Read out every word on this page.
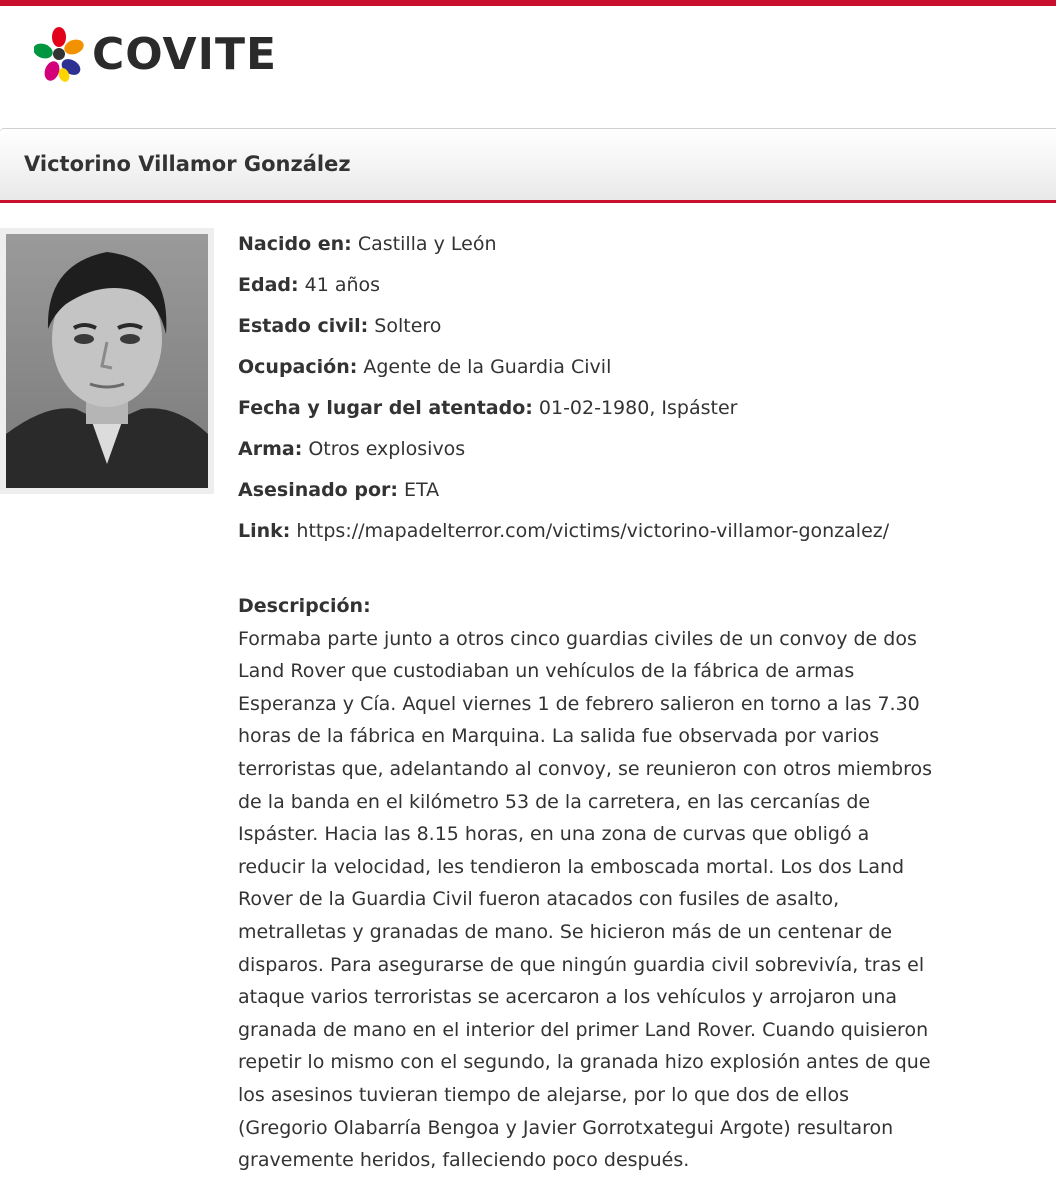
COVITE
Victorino Villamor González
Nacido en: Castilla y León
Edad: 41 años
Estado civil: Soltero
Ocupación: Agente de la Guardia Civil
Fecha y lugar del atentado: 01-02-1980, Ispáster
Arma: Otros explosivos
Asesinado por: ETA
Link: https://mapadelterror.com/victims/victorino-villamor-gonzalez/
Descripción:
Formaba parte junto a otros cinco guardias civiles de un convoy de dos Land Rover que custodiaban un vehículos de la fábrica de armas Esperanza y Cía. Aquel viernes 1 de febrero salieron en torno a las 7.30 horas de la fábrica en Marquina. La salida fue observada por varios terroristas que, adelantando al convoy, se reunieron con otros miembros de la banda en el kilómetro 53 de la carretera, en las cercanías de Ispáster. Hacia las 8.15 horas, en una zona de curvas que obligó a reducir la velocidad, les tendieron la emboscada mortal. Los dos Land Rover de la Guardia Civil fueron atacados con fusiles de asalto, metralletas y granadas de mano. Se hicieron más de un centenar de disparos. Para asegurarse de que ningún guardia civil sobrevivía, tras el ataque varios terroristas se acercaron a los vehículos y arrojaron una granada de mano en el interior del primer Land Rover. Cuando quisieron repetir lo mismo con el segundo, la granada hizo explosión antes de que los asesinos tuvieran tiempo de alejarse, por lo que dos de ellos (Gregorio Olabarría Bengoa y Javier Gorrotxategui Argote) resultaron gravemente heridos, falleciendo poco después.
